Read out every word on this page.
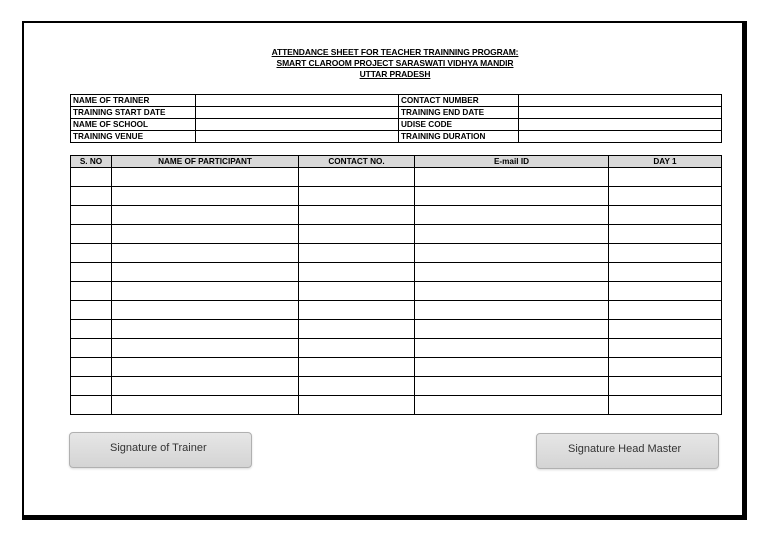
ATTENDANCE SHEET FOR TEACHER TRAINNING PROGRAM:
SMART CLAROOM PROJECT SARASWATI VIDHYA MANDIR
UTTAR PRADESH
NAME OF TRAINER		CONTACT NUMBER	
TRAINING START DATE		TRAINING END DATE	
NAME OF SCHOOL		UDISE CODE	
TRAINING VENUE		TRAINING DURATION	
S. NO	NAME OF PARTICIPANT	CONTACT NO.	E-mail ID	DAY 1

Signature of Trainer	Signature Head Master
